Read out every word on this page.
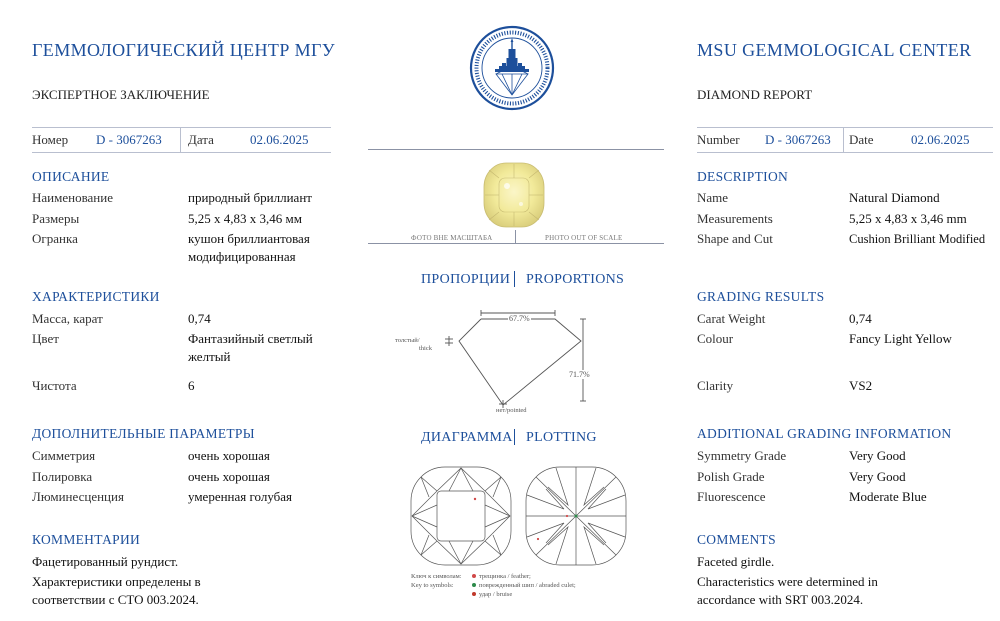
ГЕММОЛОГИЧЕСКИЙ ЦЕНТР МГУ
ЭКСПЕРТНОЕ ЗАКЛЮЧЕНИЕ
Номер D - 3067263 Дата	02.06.2025
ОПИСАНИЕ
Наименование	природный бриллиант
Размеры	5,25 х 4,83 х 3,46 мм
Огранка	кушон бриллиантовая модифицированная
ХАРАКТЕРИСТИКИ
Масса, карат	0,74
Цвет	Фантазийный светлый желтый
Чистота	6
ДОПОЛНИТЕЛЬНЫЕ ПАРАМЕТРЫ
Симметрия	очень хорошая
Полировка	очень хорошая
Люминесценция	умеренная голубая
КОММЕНТАРИИ
Фацетированный рундист.
Характеристики определены в соответствии с СТО 003.2024.
MSU GEMMOLOGICAL CENTER
DIAMOND REPORT
Number D - 3067263 Date	02.06.2025
DESCRIPTION
Name	Natural Diamond
Measurements	5,25 x 4,83 x 3,46 mm
Shape and Cut	Cushion Brilliant Modified
GRADING RESULTS
Carat Weight	0,74
Colour	Fancy Light Yellow
Clarity	VS2
ADDITIONAL GRADING INFORMATION
Symmetry Grade	Very Good
Polish Grade	Very Good
Fluorescence	Moderate Blue
COMMENTS
Faceted girdle.
Characteristics were determined in accordance with SRT 003.2024.
ФОТО ВНЕ МАСШТАБА	PHOTO OUT OF SCALE
ПРОПОРЦИИ PROPORTIONS
67.7%
71.7%
толстый/
thick
нет/pointed
ДИАГРАММА PLOTTING
Ключ к символам:
Key to symbols:
трещинка / feather;
поврежденный шип / abraded culet;
удар / bruise
